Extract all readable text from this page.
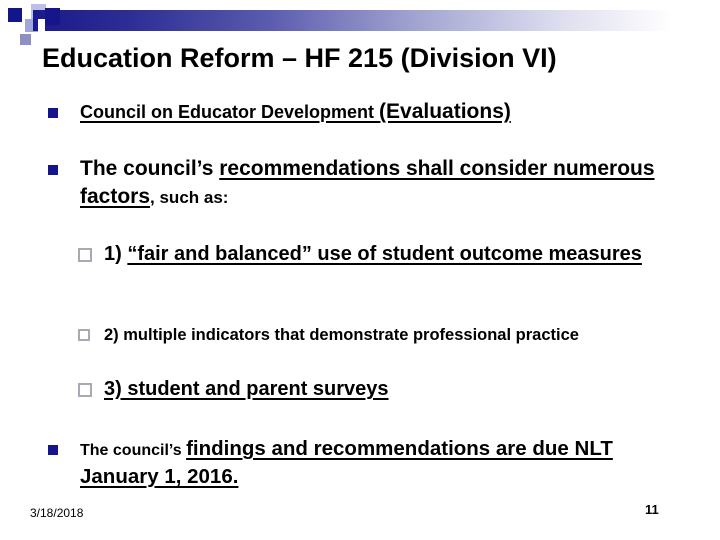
Education Reform – HF 215 (Division VI)
Council on Educator Development (Evaluations)
The council’s recommendations shall consider numerous factors, such as:
1) “fair and balanced” use of student outcome measures
2) multiple indicators that demonstrate professional practice
3) student and parent surveys
The council’s findings and recommendations are due NLT January 1, 2016.
3/18/2018	11
